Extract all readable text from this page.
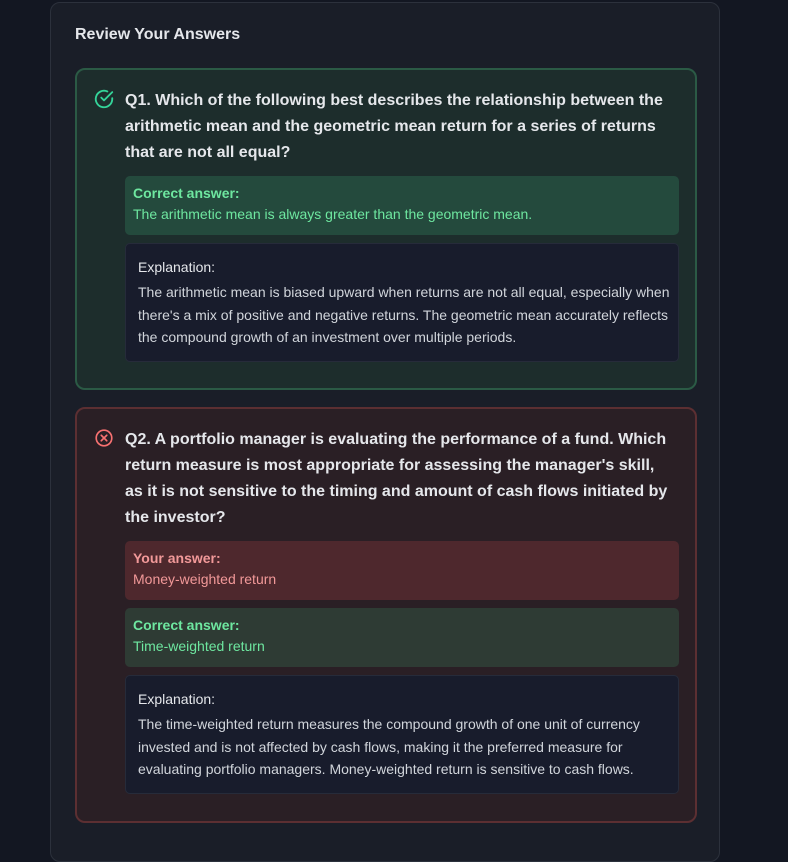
Review Your Answers
Q1. Which of the following best describes the relationship between the arithmetic mean and the geometric mean return for a series of returns that are not all equal?
Correct answer:
The arithmetic mean is always greater than the geometric mean.
Explanation:
The arithmetic mean is biased upward when returns are not all equal, especially when there's a mix of positive and negative returns. The geometric mean accurately reflects the compound growth of an investment over multiple periods.
Q2. A portfolio manager is evaluating the performance of a fund. Which return measure is most appropriate for assessing the manager's skill, as it is not sensitive to the timing and amount of cash flows initiated by the investor?
Your answer:
Money-weighted return
Correct answer:
Time-weighted return
Explanation:
The time-weighted return measures the compound growth of one unit of currency invested and is not affected by cash flows, making it the preferred measure for evaluating portfolio managers. Money-weighted return is sensitive to cash flows.
